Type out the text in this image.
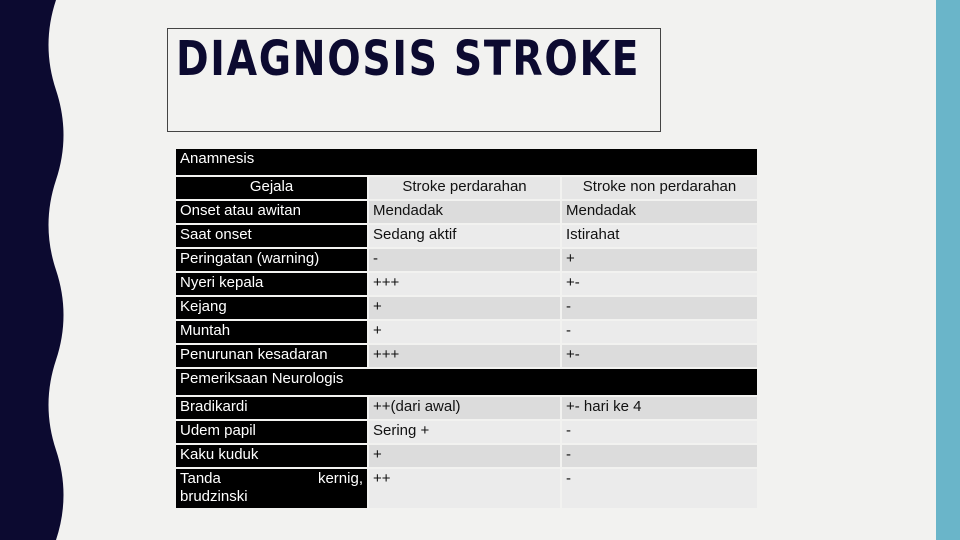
DIAGNOSIS STROKE
Anamnesis		
Gejala	Stroke perdarahan	Stroke non perdarahan
Onset atau awitan	Mendadak	Mendadak
Saat onset	Sedang aktif	Istirahat
Peringatan (warning)	-	+
Nyeri kepala	+++	+-
Kejang	+	-
Muntah	+	-
Penurunan kesadaran	+++	+-
Pemeriksaan Neurologis		
Bradikardi	++(dari awal)	+- hari ke 4
Udem papil	Sering +	-
Kaku kuduk	+	-

Tanda kernig,
brudzinski	++	-
